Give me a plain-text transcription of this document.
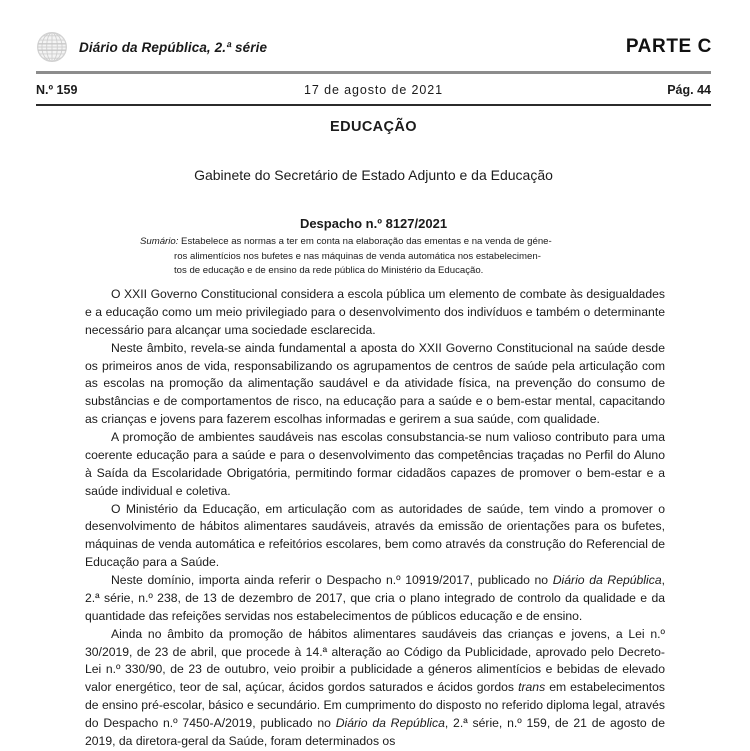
Diário da República, 2.ª série	PARTE C
N.º 159	17 de agosto de 2021	Pág. 44
EDUCAÇÃO
Gabinete do Secretário de Estado Adjunto e da Educação
Despacho n.º 8127/2021
Sumário: Estabelece as normas a ter em conta na elaboração das ementas e na venda de géne-
ros alimentícios nos bufetes e nas máquinas de venda automática nos estabelecimen-
tos de educação e de ensino da rede pública do Ministério da Educação.

O XXII Governo Constitucional considera a escola pública um elemento de combate às desigualdades e a educação como um meio privilegiado para o desenvolvimento dos indivíduos e também o determinante necessário para alcançar uma sociedade esclarecida.

Neste âmbito, revela-se ainda fundamental a aposta do XXII Governo Constitucional na saúde desde os primeiros anos de vida, responsabilizando os agrupamentos de centros de saúde pela articulação com as escolas na promoção da alimentação saudável e da atividade física, na prevenção do consumo de substâncias e de comportamentos de risco, na educação para a saúde e o bem-estar mental, capacitando as crianças e jovens para fazerem escolhas informadas e gerirem a sua saúde, com qualidade.

A promoção de ambientes saudáveis nas escolas consubstancia-se num valioso contributo para uma coerente educação para a saúde e para o desenvolvimento das competências traçadas no Perfil do Aluno à Saída da Escolaridade Obrigatória, permitindo formar cidadãos capazes de promover o bem-estar e a saúde individual e coletiva.

O Ministério da Educação, em articulação com as autoridades de saúde, tem vindo a promover o desenvolvimento de hábitos alimentares saudáveis, através da emissão de orientações para os bufetes, máquinas de venda automática e refeitórios escolares, bem como através da construção do Referencial de Educação para a Saúde.

Neste domínio, importa ainda referir o Despacho n.º 10919/2017, publicado no Diário da República, 2.ª série, n.º 238, de 13 de dezembro de 2017, que cria o plano integrado de controlo da qualidade e da quantidade das refeições servidas nos estabelecimentos de públicos educação e de ensino.

Ainda no âmbito da promoção de hábitos alimentares saudáveis das crianças e jovens, a Lei n.º 30/2019, de 23 de abril, que procede à 14.ª alteração ao Código da Publicidade, aprovado pelo Decreto-Lei n.º 330/90, de 23 de outubro, veio proibir a publicidade a géneros alimentícios e bebidas de elevado valor energético, teor de sal, açúcar, ácidos gordos saturados e ácidos gordos trans em estabelecimentos de ensino pré-escolar, básico e secundário. Em cumprimento do disposto no referido diploma legal, através do Despacho n.º 7450-A/2019, publicado no Diário da República, 2.ª série, n.º 159, de 21 de agosto de 2019, da diretora-geral da Saúde, foram determinados os
